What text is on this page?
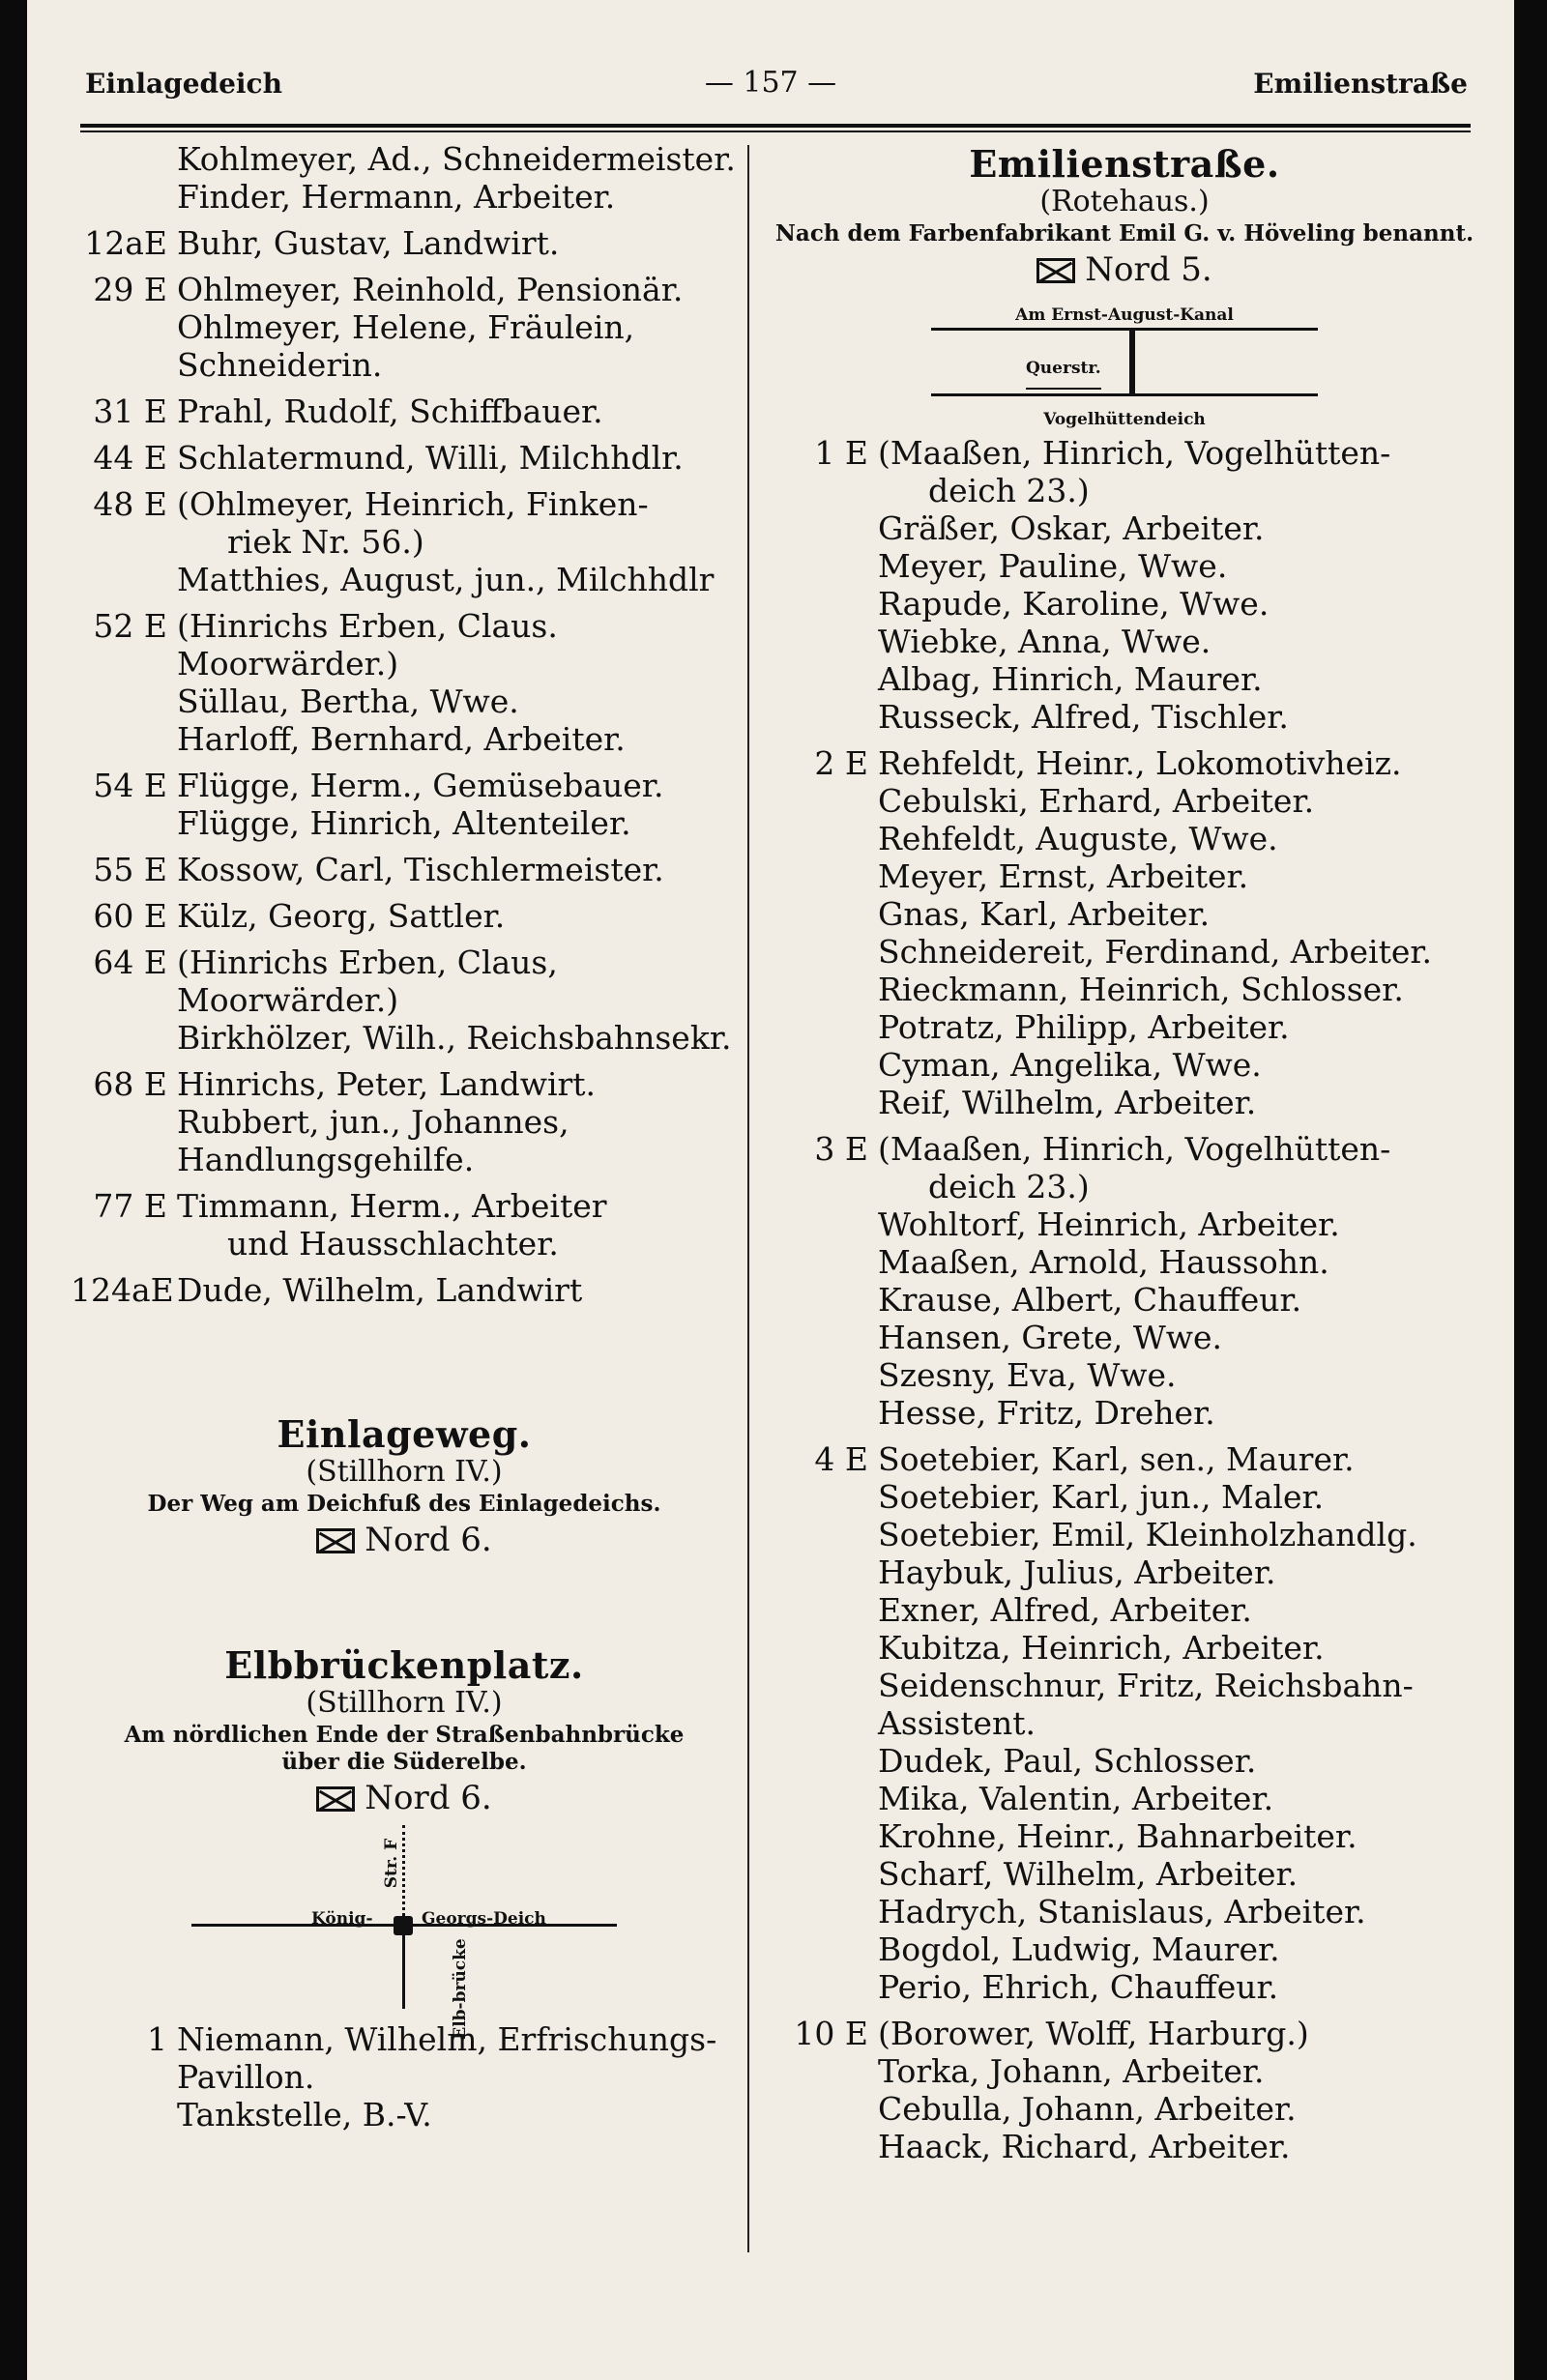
Einlagedeich	— 157 —	Emilienstraße
Kohlmeyer, Ad., Schneidermeister.
Finder, Hermann, Arbeiter.
12aE Buhr, Gustav, Landwirt.
29 E Ohlmeyer, Reinhold, Pensionär.
Ohlmeyer, Helene, Fräulein,
Schneiderin.
31 E Prahl, Rudolf, Schiffbauer.
44 E Schlatermund, Willi, Milchhdlr.
48 E (Ohlmeyer, Heinrich, Finken-
riek Nr. 56.)
Matthies, August, jun., Milchhdlr
52 E (Hinrichs Erben, Claus.
Moorwärder.)
Süllau, Bertha, Wwe.
Harloff, Bernhard, Arbeiter.
54 E Flügge, Herm., Gemüsebauer.
Flügge, Hinrich, Altenteiler.
55 E Kossow, Carl, Tischlermeister.
60 E Külz, Georg, Sattler.
64 E (Hinrichs Erben, Claus,
Moorwärder.)
Birkhölzer, Wilh., Reichsbahnsekr.
68 E Hinrichs, Peter, Landwirt.
Rubbert, jun., Johannes,
Handlungsgehilfe.
77 E Timmann, Herm., Arbeiter
und Hausschlachter.
124aE Dude, Wilhelm, Landwirt
Einlageweg.
(Stillhorn IV.)
Der Weg am Deichfuß des Einlagedeichs.
Nord 6.
Elbbrückenplatz.
(Stillhorn IV.)
Am nördlichen Ende der Straßenbahnbrücke
über die Süderelbe.
Nord 6.
Str. F
König-	Georgs-Deich
Elb-brücke
1 Niemann, Wilhelm, Erfrischungs-
Pavillon.
Tankstelle, B.-V.
Emilienstraße.
(Rotehaus.)
Nach dem Farbenfabrikant Emil G. v. Höveling benannt.
Nord 5.
Am Ernst-August-Kanal
Querstr.
Vogelhüttendeich
1 E (Maaßen, Hinrich, Vogelhütten-
deich 23.)
Gräßer, Oskar, Arbeiter.
Meyer, Pauline, Wwe.
Rapude, Karoline, Wwe.
Wiebke, Anna, Wwe.
Albag, Hinrich, Maurer.
Russeck, Alfred, Tischler.
2 E Rehfeldt, Heinr., Lokomotivheiz.
Cebulski, Erhard, Arbeiter.
Rehfeldt, Auguste, Wwe.
Meyer, Ernst, Arbeiter.
Gnas, Karl, Arbeiter.
Schneidereit, Ferdinand, Arbeiter.
Rieckmann, Heinrich, Schlosser.
Potratz, Philipp, Arbeiter.
Cyman, Angelika, Wwe.
Reif, Wilhelm, Arbeiter.
3 E (Maaßen, Hinrich, Vogelhütten-
deich 23.)
Wohltorf, Heinrich, Arbeiter.
Maaßen, Arnold, Haussohn.
Krause, Albert, Chauffeur.
Hansen, Grete, Wwe.
Szesny, Eva, Wwe.
Hesse, Fritz, Dreher.
4 E Soetebier, Karl, sen., Maurer.
Soetebier, Karl, jun., Maler.
Soetebier, Emil, Kleinholzhandlg.
Haybuk, Julius, Arbeiter.
Exner, Alfred, Arbeiter.
Kubitza, Heinrich, Arbeiter.
Seidenschnur, Fritz, Reichsbahn-
Assistent.
Dudek, Paul, Schlosser.
Mika, Valentin, Arbeiter.
Krohne, Heinr., Bahnarbeiter.
Scharf, Wilhelm, Arbeiter.
Hadrych, Stanislaus, Arbeiter.
Bogdol, Ludwig, Maurer.
Perio, Ehrich, Chauffeur.
10 E (Borower, Wolff, Harburg.)
Torka, Johann, Arbeiter.
Cebulla, Johann, Arbeiter.
Haack, Richard, Arbeiter.
